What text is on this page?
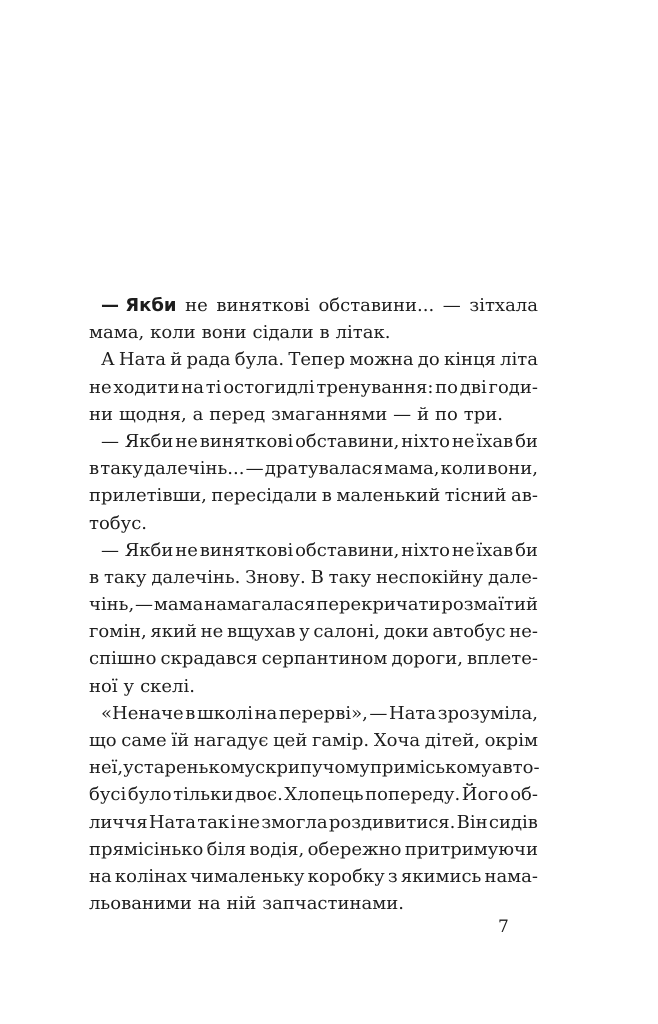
— Якби не виняткові обставини... — зітхала
мама, коли вони сідали в літак.
А Ната й рада була. Тепер можна до кінця літа
не ходити на ті остогидлі тренування: по дві годи-
ни щодня, а перед змаганнями — й по три.
— Якби не виняткові обставини, ніхто не їхав би
в таку далечінь... — дратувалася мама, коли вони,
прилетівши, пересідали в маленький тісний ав-
тобус.
— Якби не виняткові обставини, ніхто не їхав би
в таку далечінь. Знову. В таку неспокійну дале-
чінь, — мама намагалася перекричати розмаїтий
гомін, який не вщухав у салоні, доки автобус не-
спішно скрадався серпантином дороги, вплете-
ної у скелі.
«Неначе в школі на перерві», — Ната зрозуміла,
що саме їй нагадує цей гамір. Хоча дітей, окрім
неї, у старенькому скрипучому приміському авто-
бусі було тільки двоє. Хлопець попереду. Його об-
личчя Ната так і не змогла роздивитися. Він сидів
прямісінько біля водія, обережно притримуючи
на колінах чималеньку коробку з якимись нама-
льованими на ній запчастинами.
7
